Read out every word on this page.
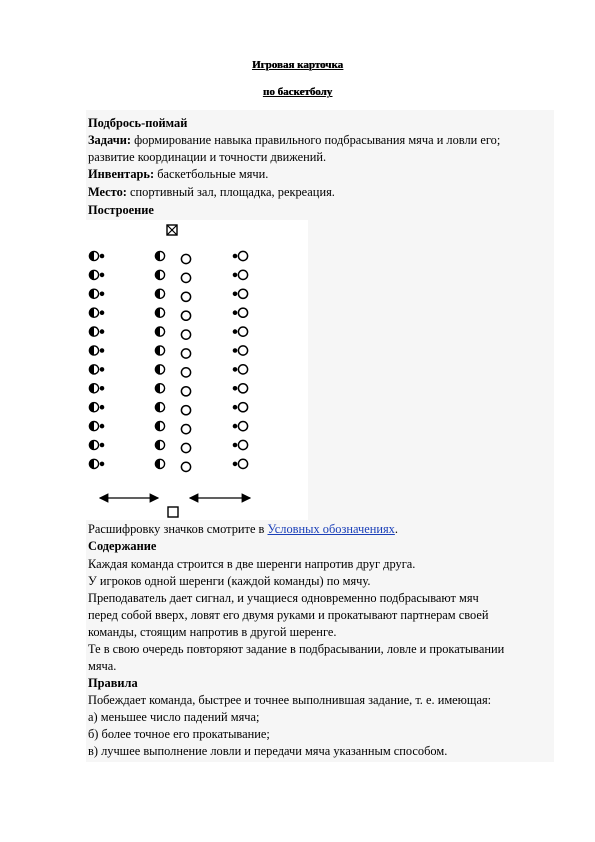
Игровая карточка
по баскетболу
Подбрось-поймай
Задачи: формирование навыка правильного подбрасывания мяча и ловли его;
развитие координации и точности движений.
Инвентарь: баскетбольные мячи.
Место: спортивный зал, площадка, рекреация.
Построение
Расшифровку значков смотрите в Условных обозначениях.
Содержание
Каждая команда строится в две шеренги напротив друг друга.
У игроков одной шеренги (каждой команды) по мячу.
Преподаватель дает сигнал, и учащиеся одновременно подбрасывают мяч
перед собой вверх, ловят его двумя руками и прокатывают партнерам своей
команды, стоящим напротив в другой шеренге.
Те в свою очередь повторяют задание в подбрасывании, ловле и прокатывании
мяча.
Правила
Побеждает команда, быстрее и точнее выполнившая задание, т. е. имеющая:
а) меньшее число падений мяча;
б) более точное его прокатывание;
в) лучшее выполнение ловли и передачи мяча указанным способом.
